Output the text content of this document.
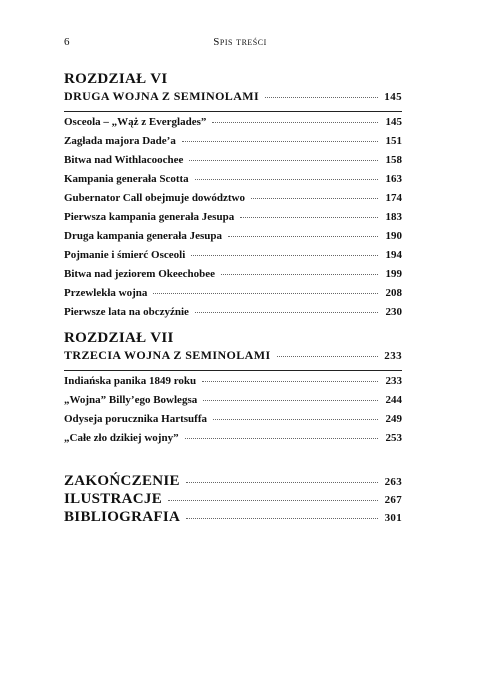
6	Spis treści
ROZDZIAŁ VI
DRUGA WOJNA Z SEMINOLAMI	145
Osceola – „Wąż z Everglades”	145
Zagłada majora Dade’a	151
Bitwa nad Withlacoochee	158
Kampania generała Scotta	163
Gubernator Call obejmuje dowództwo	174
Pierwsza kampania generała Jesupa	183
Druga kampania generała Jesupa	190
Pojmanie i śmierć Osceoli	194
Bitwa nad jeziorem Okeechobee	199
Przewlekła wojna	208
Pierwsze lata na obczyźnie	230
ROZDZIAŁ VII
TRZECIA WOJNA Z SEMINOLAMI	233
Indiańska panika 1849 roku	233
„Wojna” Billy’ego Bowlegsa	244
Odyseja porucznika Hartsuffa	249
„Całe zło dzikiej wojny”	253
ZAKOŃCZENIE	263
ILUSTRACJE	267
BIBLIOGRAFIA	301
